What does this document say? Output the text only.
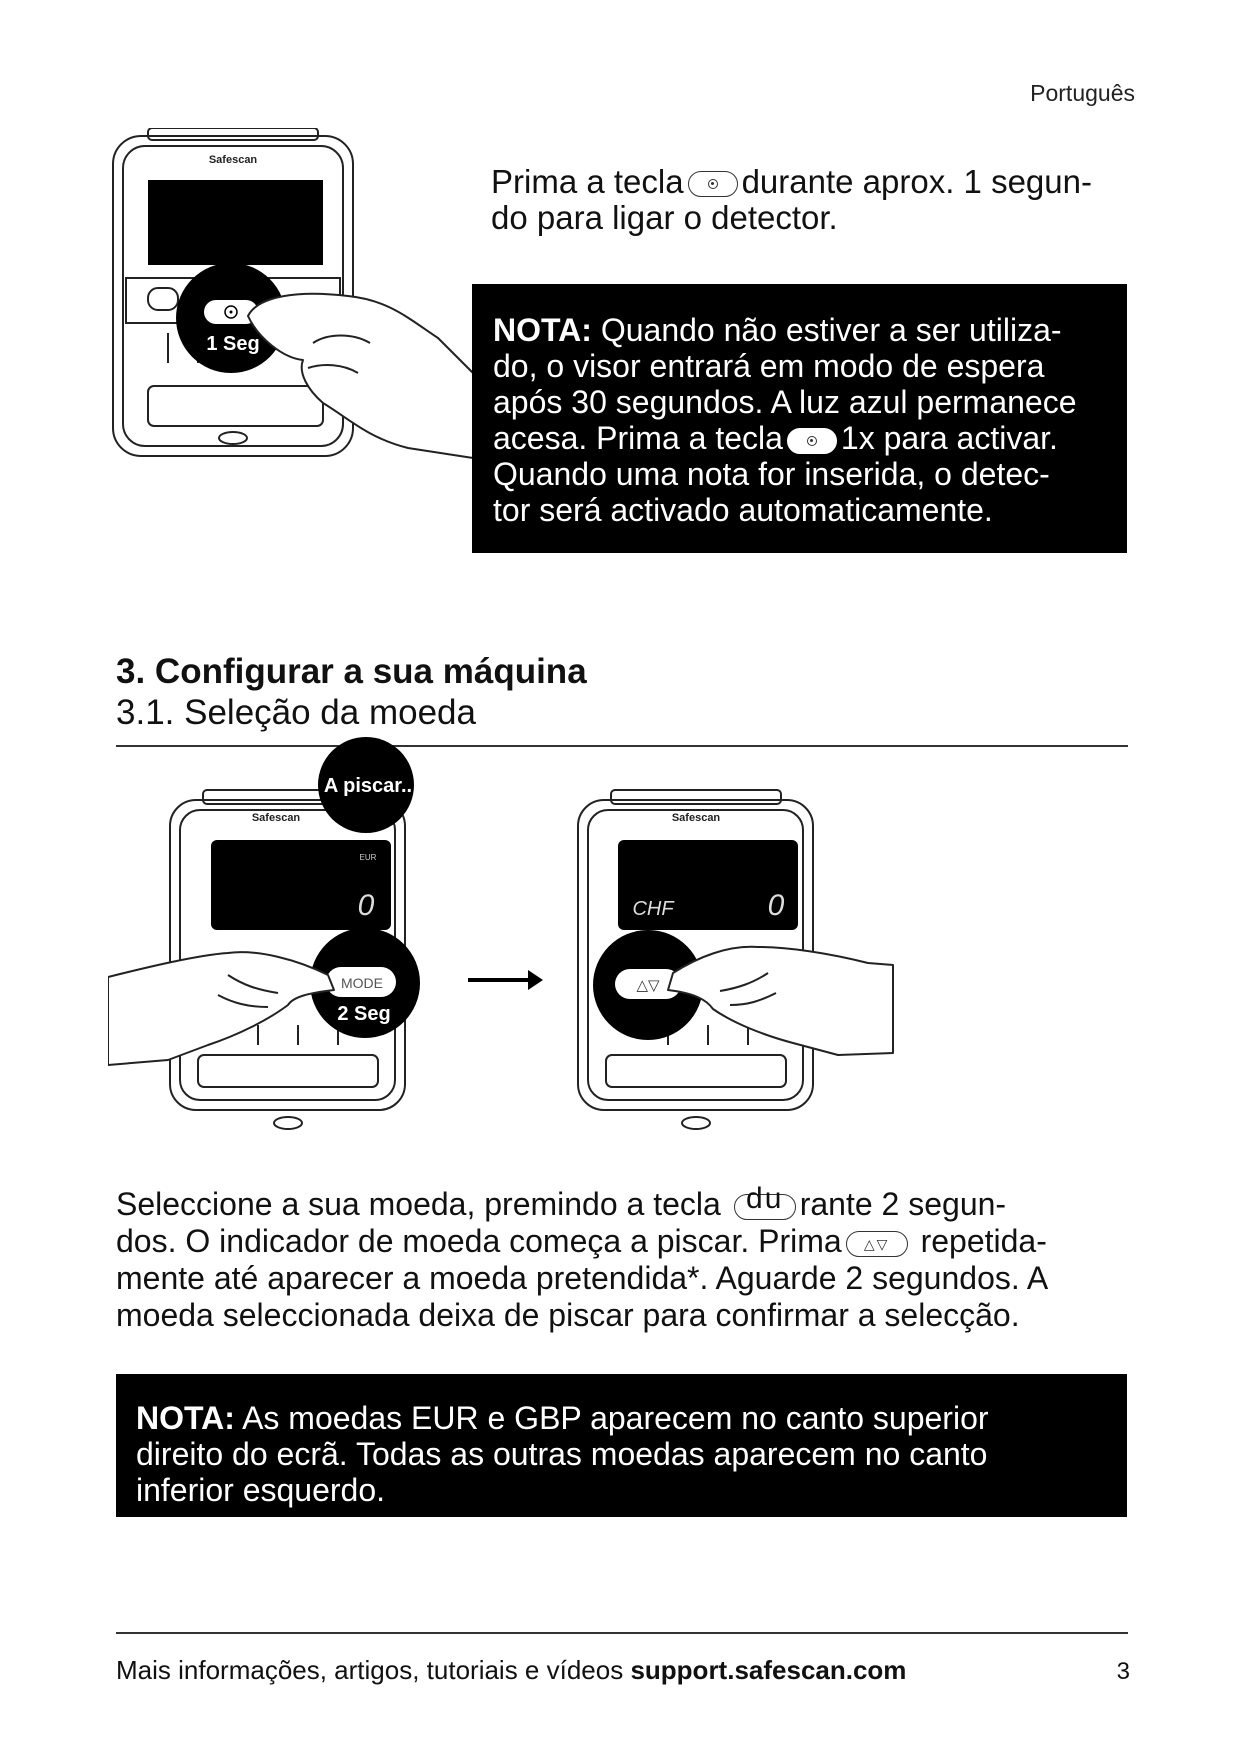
Português
Safescan
1 Seg
Prima a tecla durante aprox. 1 segun-
do para ligar o detector.
NOTA: Quando não estiver a ser utiliza-
do, o visor entrará em modo de espera
após 30 segundos. A luz azul permanece
acesa. Prima a tecla 1x para activar.
Quando uma nota for inserida, o detec-
tor será activado automaticamente.
3. Configurar a sua máquina
3.1. Seleção da moeda
Safescan
EUR
0
A piscar..
MODE
2 Seg
Safescan
CHF	0
△▽
Seleccione a sua moeda, premindo a tecla du rante 2 segun-
dos. O indicador de moeda começa a piscar. Prima	△▽ repetida-
mente até aparecer a moeda pretendida*. Aguarde 2 segundos. A
moeda seleccionada deixa de piscar para confirmar a selecção.
NOTA: As moedas EUR e GBP aparecem no canto superior
direito do ecrã. Todas as outras moedas aparecem no canto
inferior esquerdo.
Mais informações, artigos, tutoriais e vídeos support.safescan.com	3
